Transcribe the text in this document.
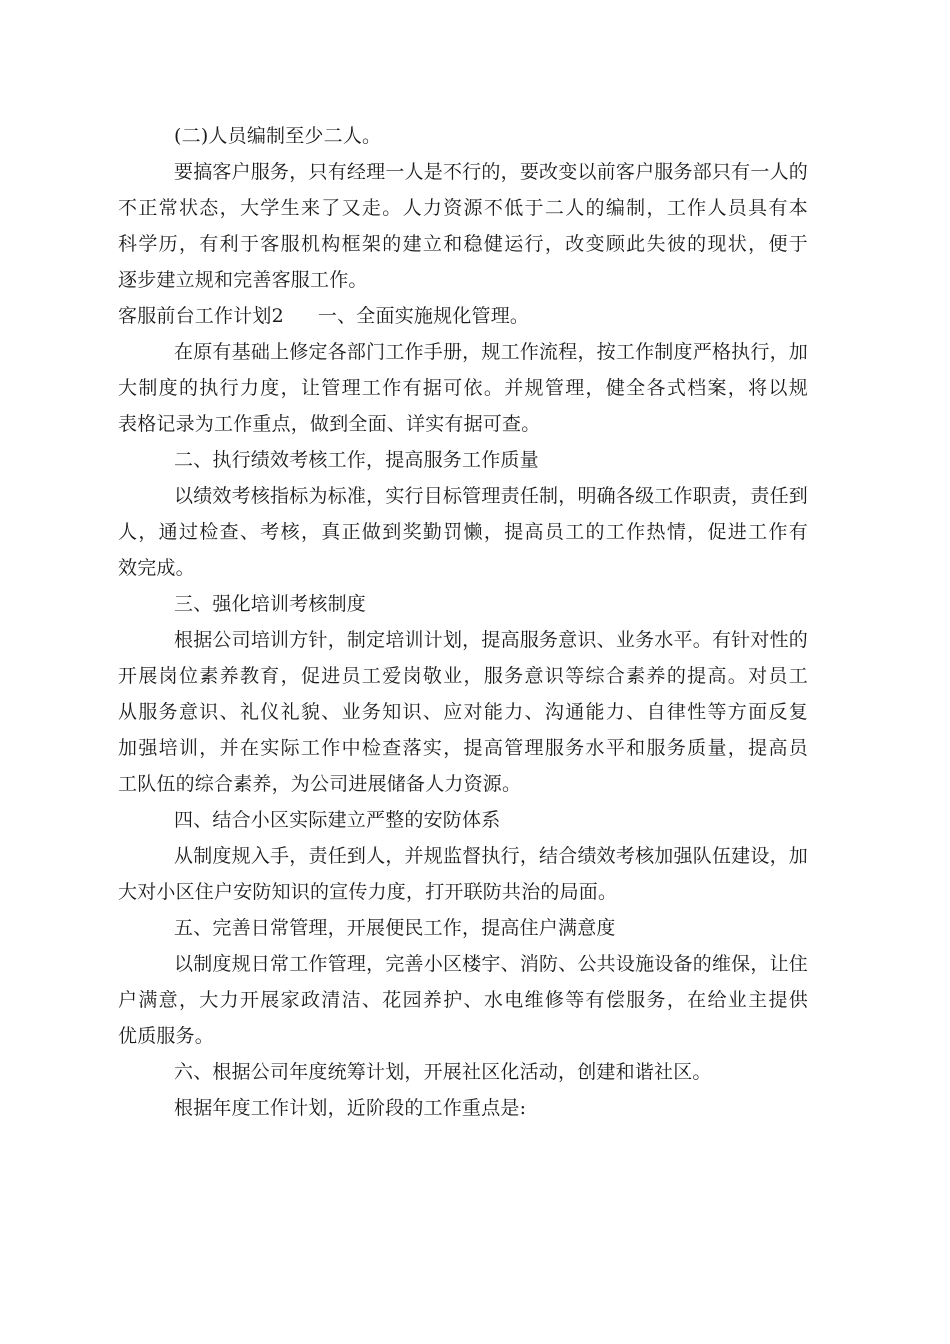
(二)人员编制至少二人。
要搞客户服务，只有经理一人是不行的，要改变以前客户服务部只有一人的
不正常状态，大学生来了又走。人力资源不低于二人的编制，工作人员具有本
科学历，有利于客服机构框架的建立和稳健运行，改变顾此失彼的现状，便于
逐步建立规和完善客服工作。
客服前台工作计划2 一、全面实施规化管理。
在原有基础上修定各部门工作手册，规工作流程，按工作制度严格执行，加
大制度的执行力度，让管理工作有据可依。并规管理，健全各式档案，将以规
表格记录为工作重点，做到全面、详实有据可查。
二、执行绩效考核工作，提高服务工作质量
以绩效考核指标为标准，实行目标管理责任制，明确各级工作职责，责任到
人，通过检查、考核，真正做到奖勤罚懒，提高员工的工作热情，促进工作有
效完成。
三、强化培训考核制度
根据公司培训方针，制定培训计划，提高服务意识、业务水平。有针对性的
开展岗位素养教育，促进员工爱岗敬业，服务意识等综合素养的提高。对员工
从服务意识、礼仪礼貌、业务知识、应对能力、沟通能力、自律性等方面反复
加强培训，并在实际工作中检查落实，提高管理服务水平和服务质量，提高员
工队伍的综合素养，为公司进展储备人力资源。
四、结合小区实际建立严整的安防体系
从制度规入手，责任到人，并规监督执行，结合绩效考核加强队伍建设，加
大对小区住户安防知识的宣传力度，打开联防共治的局面。
五、完善日常管理，开展便民工作，提高住户满意度
以制度规日常工作管理，完善小区楼宇、消防、公共设施设备的维保，让住
户满意，大力开展家政清洁、花园养护、水电维修等有偿服务，在给业主提供
优质服务。
六、根据公司年度统筹计划，开展社区化活动，创建和谐社区。
根据年度工作计划，近阶段的工作重点是:
